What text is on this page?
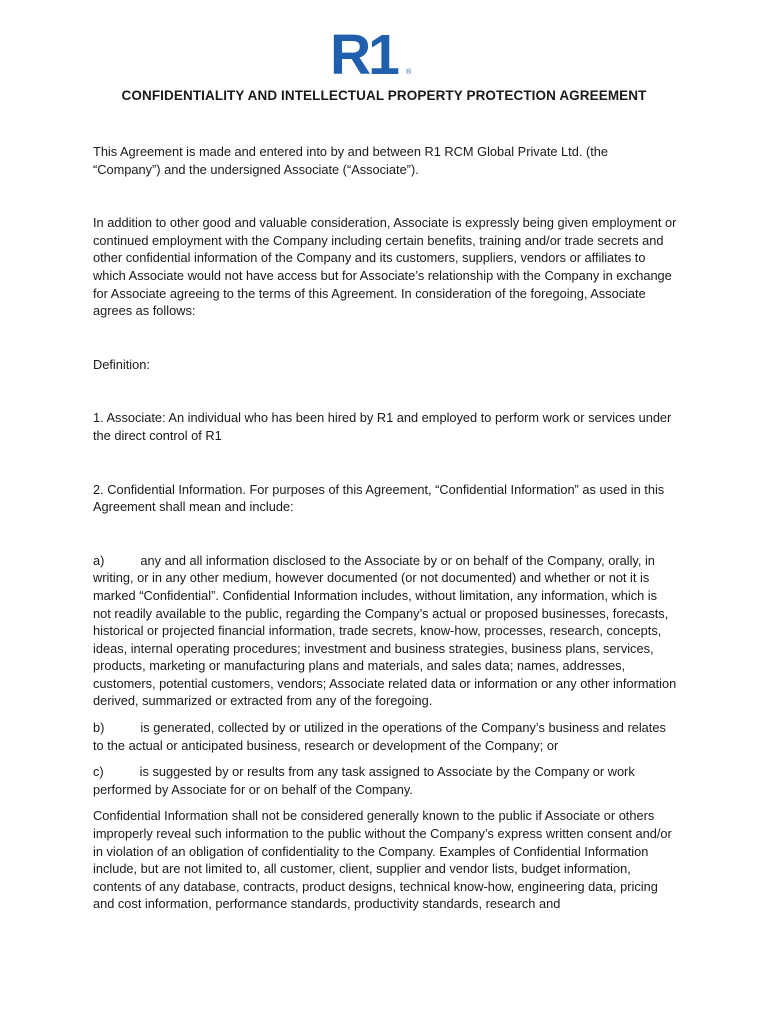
R1	®
CONFIDENTIALITY AND INTELLECTUAL PROPERTY PROTECTION AGREEMENT

This Agreement is made and entered into by and between R1 RCM Global Private Ltd. (the “Company”) and the undersigned Associate (“Associate”).

In addition to other good and valuable consideration, Associate is expressly being given employment or continued employment with the Company including certain benefits, training and/or trade secrets and other confidential information of the Company and its customers, suppliers, vendors or affiliates to which Associate would not have access but for Associate’s relationship with the Company in exchange for Associate agreeing to the terms of this Agreement. In consideration of the foregoing, Associate agrees as follows:

Definition:

1. Associate: An individual who has been hired by R1 and employed to perform work or services under the direct control of R1

2. Confidential Information. For purposes of this Agreement, “Confidential Information” as used in this Agreement shall mean and include:

a)	any and all information disclosed to the Associate by or on behalf of the Company, orally, in writing, or in any other medium, however documented (or not documented) and whether or not it is marked “Confidential”. Confidential Information includes, without limitation, any information, which is not readily available to the public, regarding the Company’s actual or proposed businesses, forecasts, historical or projected financial information, trade secrets, know-how, processes, research, concepts, ideas, internal operating procedures; investment and business strategies, business plans, services, products, marketing or manufacturing plans and materials, and sales data; names, addresses, customers, potential customers, vendors; Associate related data or information or any other information derived, summarized or extracted from any of the foregoing.

b)	is generated, collected by or utilized in the operations of the Company’s business and relates to the actual or anticipated business, research or development of the Company; or

c)	is suggested by or results from any task assigned to Associate by the Company or work performed by Associate for or on behalf of the Company.

Confidential Information shall not be considered generally known to the public if Associate or others improperly reveal such information to the public without the Company’s express written consent and/or in violation of an obligation of confidentiality to the Company. Examples of Confidential Information include, but are not limited to, all customer, client, supplier and vendor lists, budget information, contents of any database, contracts, product designs, technical know-how, engineering data, pricing and cost information, performance standards, productivity standards, research and
